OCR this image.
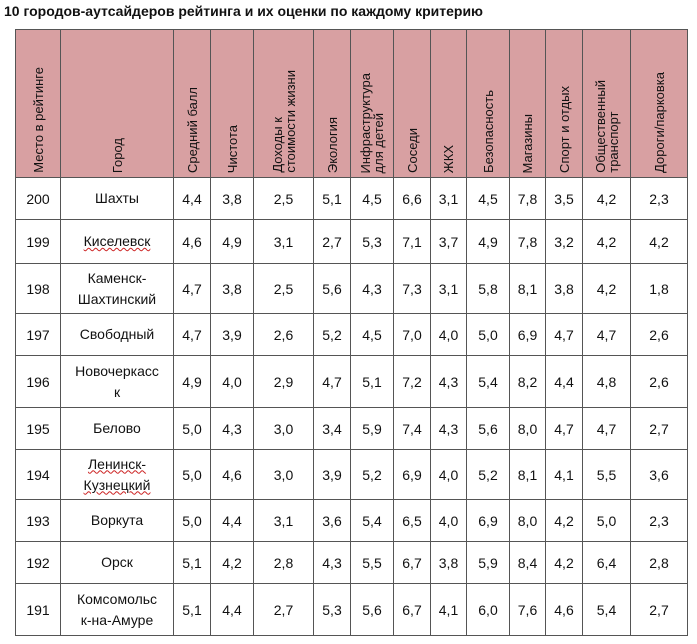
10 городов-аутсайдеров рейтинга и их оценки по каждому критерию
Место в рейтинге	Город	Средний балл	Чистота	Доходы к
стоимости жизни	Экология	Инфраструктура
для детей	Соседи	ЖКХ	Безопасность	Магазины	Спорт и отдых	Общественный
транспорт	Дороги/парковка

200	Шахты	4,4	3,8	2,5	5,1	4,5	6,6	3,1	4,5	7,8	3,5	4,2	2,3
199	Киселевск	4,6	4,9	3,1	2,7	5,3	7,1	3,7	4,9	7,8	3,2	4,2	4,2
198	Каменск-
Шахтинский	4,7	3,8	2,5	5,6	4,3	7,3	3,1	5,8	8,1	3,8	4,2	1,8
197	Свободный	4,7	3,9	2,6	5,2	4,5	7,0	4,0	5,0	6,9	4,7	4,7	2,6
196	Новочеркасс
к	4,9	4,0	2,9	4,7	5,1	7,2	4,3	5,4	8,2	4,4	4,8	2,6
195	Белово	5,0	4,3	3,0	3,4	5,9	7,4	4,3	5,6	8,0	4,7	4,7	2,7
194	Ленинск-
Кузнецкий	5,0	4,6	3,0	3,9	5,2	6,9	4,0	5,2	8,1	4,1	5,5	3,6
193	Воркута	5,0	4,4	3,1	3,6	5,4	6,5	4,0	6,9	8,0	4,2	5,0	2,3
192	Орск	5,1	4,2	2,8	4,3	5,5	6,7	3,8	5,9	8,4	4,2	6,4	2,8
191	Комсомольс
к-на-Амуре	5,1	4,4	2,7	5,3	5,6	6,7	4,1	6,0	7,6	4,6	5,4	2,7
